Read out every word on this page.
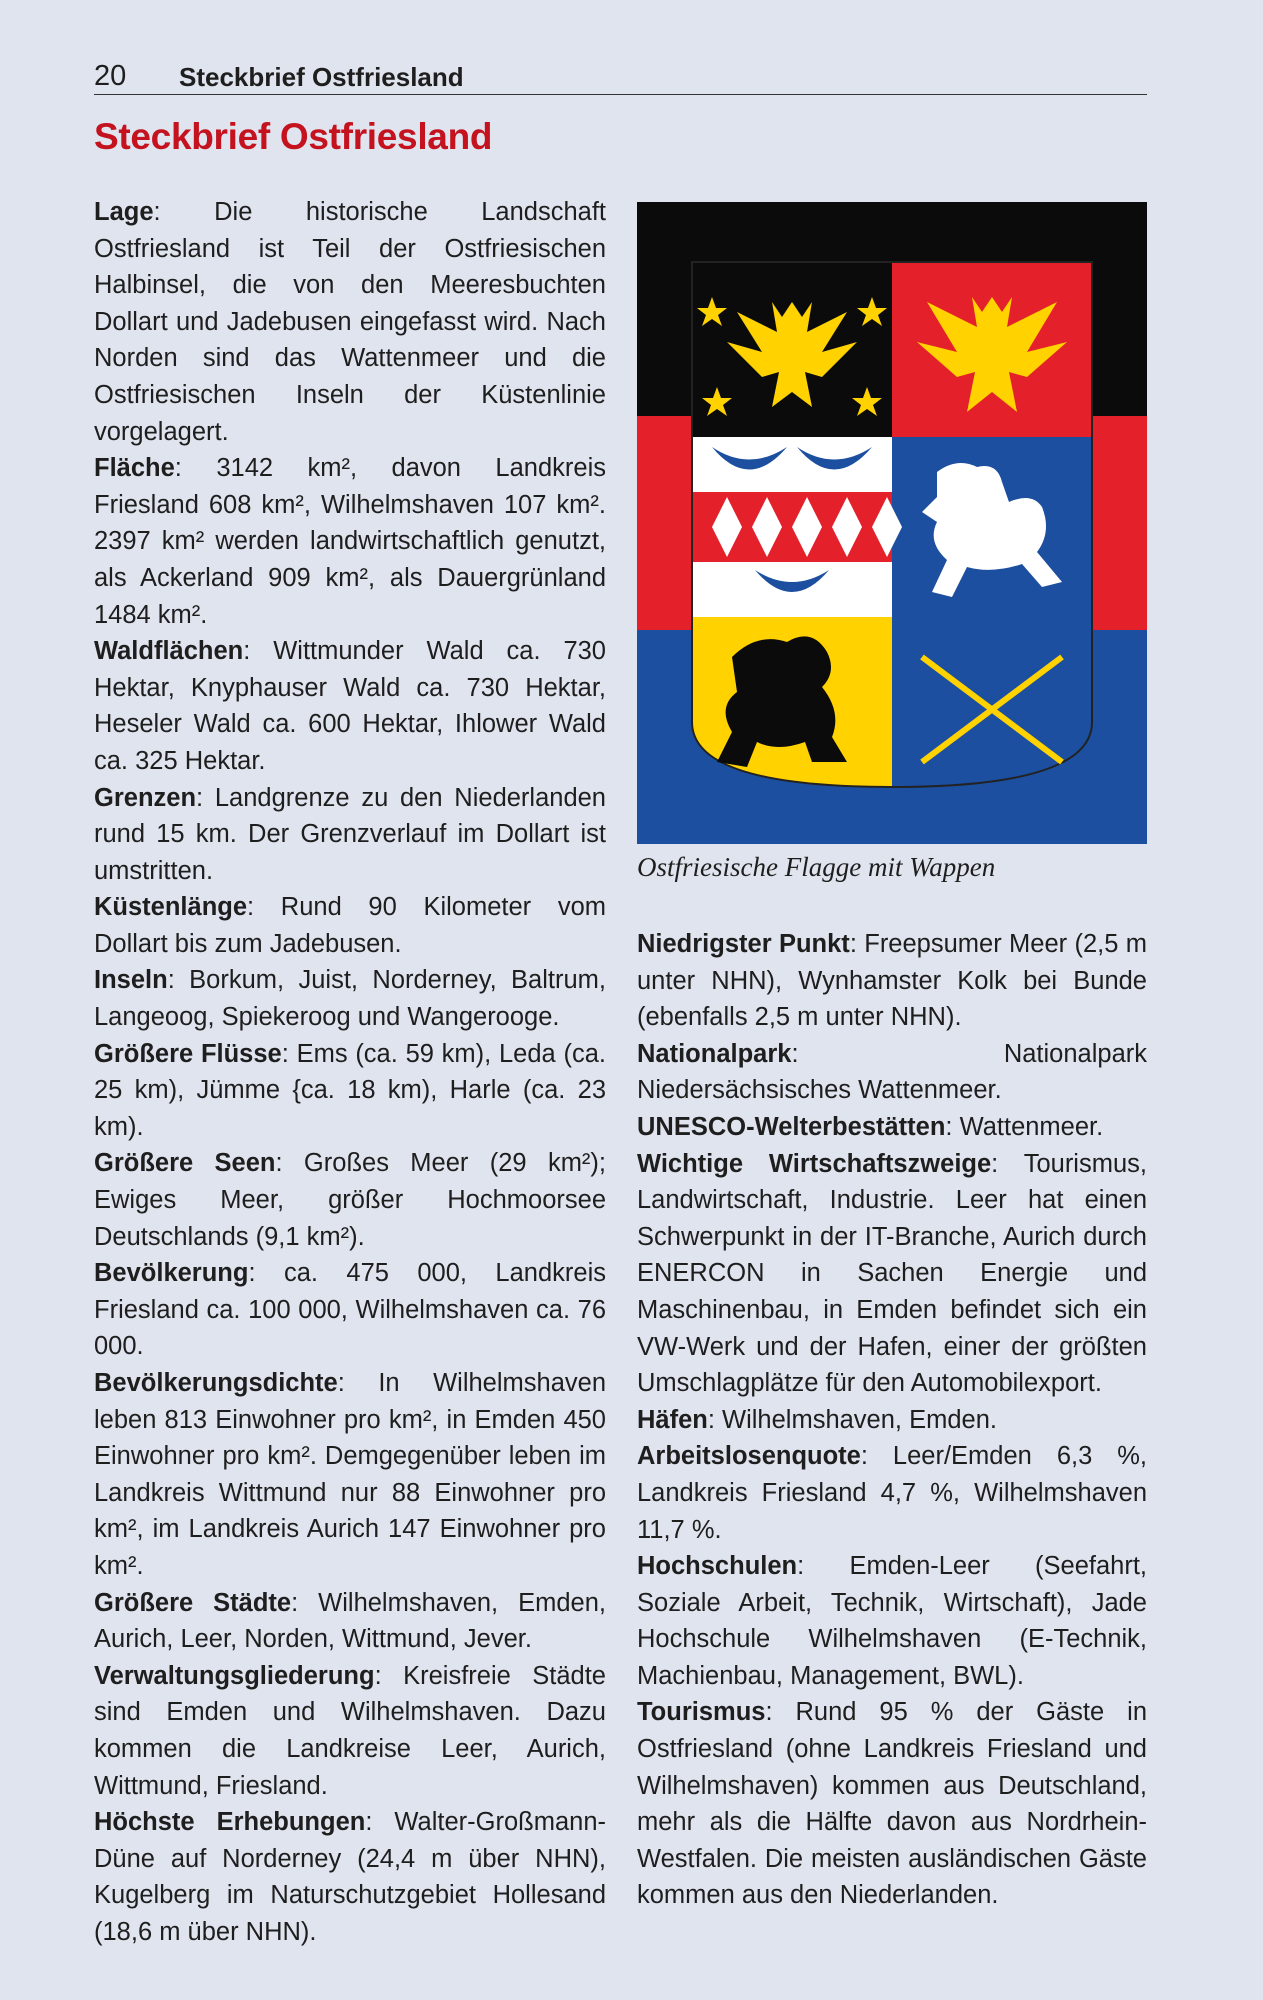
20 Steckbrief Ostfriesland
Steckbrief Ostfriesland

Lage: Die historische Landschaft Ostfriesland ist Teil der Ostfriesischen Halbinsel, die von den Meeresbuchten Dollart und Jadebusen eingefasst wird. Nach Norden sind das Wattenmeer und die Ostfriesischen Inseln der Küstenlinie vorgelagert.

Fläche: 3142 km², davon Landkreis Friesland 608 km², Wilhelmshaven 107 km². 2397 km² werden landwirtschaftlich genutzt, als Ackerland 909 km², als Dauergrünland 1484 km².

Waldflächen: Wittmunder Wald ca. 730 Hektar, Knyphauser Wald ca. 730 Hektar, Heseler Wald ca. 600 Hektar, Ihlower Wald ca. 325 Hektar.

Grenzen: Landgrenze zu den Niederlanden rund 15 km. Der Grenzverlauf im Dollart ist umstritten.

Küstenlänge: Rund 90 Kilometer vom Dollart bis zum Jadebusen.

Inseln: Borkum, Juist, Norderney, Baltrum, Langeoog, Spiekeroog und Wangerooge.

Größere Flüsse: Ems (ca. 59 km), Leda (ca. 25 km), Jümme {ca. 18 km), Harle (ca. 23 km).

Größere Seen: Großes Meer (29 km²); Ewiges Meer, größer Hochmoorsee Deutschlands (9,1 km²).

Bevölkerung: ca. 475 000, Landkreis Friesland ca. 100 000, Wilhelmshaven ca. 76 000.

Bevölkerungsdichte: In Wilhelmshaven leben 813 Einwohner pro km², in Emden 450 Einwohner pro km². Demgegenüber leben im Landkreis Wittmund nur 88 Einwohner pro km², im Landkreis Aurich 147 Einwohner pro km².

Größere Städte: Wilhelmshaven, Emden, Aurich, Leer, Norden, Wittmund, Jever.

Verwaltungsgliederung: Kreisfreie Städte sind Emden und Wilhelmshaven. Dazu kommen die Landkreise Leer, Aurich, Wittmund, Friesland.

Höchste Erhebungen: Walter-Großmann-Düne auf Norderney (24,4 m über NHN), Kugelberg im Naturschutzgebiet Hollesand (18,6 m über NHN).

Ostfriesische Flagge mit Wappen

Niedrigster Punkt: Freepsumer Meer (2,5 m unter NHN), Wynhamster Kolk bei Bunde (ebenfalls 2,5 m unter NHN).

Nationalpark: Nationalpark Niedersächsisches Wattenmeer.

UNESCO-Welterbestätten: Wattenmeer.

Wichtige Wirtschaftszweige: Tourismus, Landwirtschaft, Industrie. Leer hat einen Schwerpunkt in der IT-Branche, Aurich durch ENERCON in Sachen Energie und Maschinenbau, in Emden befindet sich ein VW-Werk und der Hafen, einer der größten Umschlagplätze für den Automobilexport.

Häfen: Wilhelmshaven, Emden.

Arbeitslosenquote: Leer/Emden 6,3 %, Landkreis Friesland 4,7 %, Wilhelmshaven 11,7 %.

Hochschulen: Emden-Leer (Seefahrt, Soziale Arbeit, Technik, Wirtschaft), Jade Hochschule Wilhelmshaven (E-Technik, Machienbau, Management, BWL).

Tourismus: Rund 95 % der Gäste in Ostfriesland (ohne Landkreis Friesland und Wilhelmshaven) kommen aus Deutschland, mehr als die Hälfte davon aus Nordrhein-Westfalen. Die meisten ausländischen Gäste kommen aus den Niederlanden.
